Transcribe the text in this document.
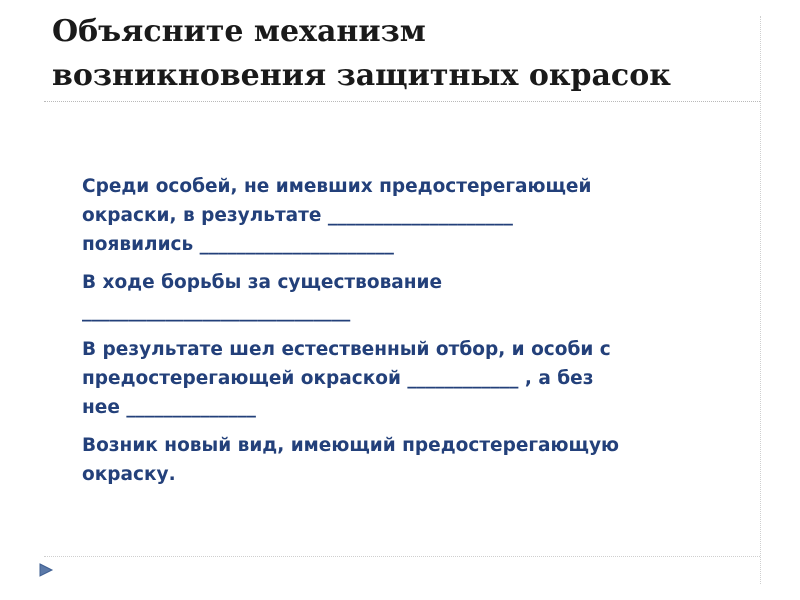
Объясните механизм
возникновения защитных окрасок
Среди особей, не имевших предостерегающей
окраски, в результате ____________________
появились _____________________
В ходе борьбы за существование
_____________________________
В результате шел естественный отбор, и особи с
предостерегающей окраской ____________ , а без
нее ______________
Возник новый вид, имеющий предостерегающую
окраску.
